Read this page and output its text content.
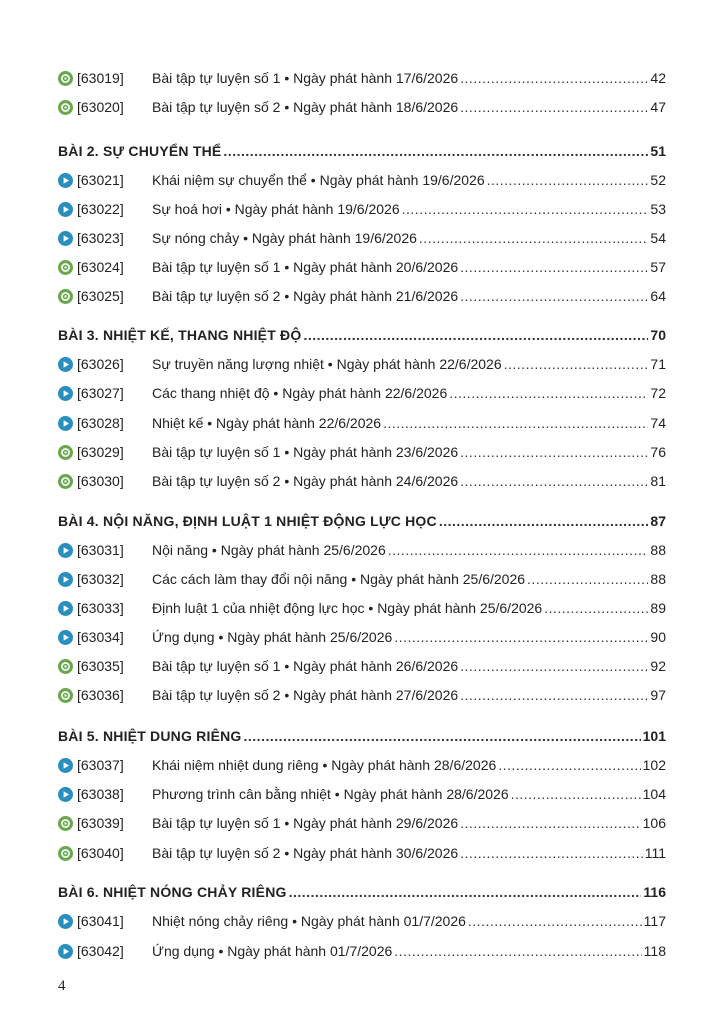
[63019]	Bài tập tự luyện số 1 • Ngày phát hành 17/6/2026 .....	42
[63020]	Bài tập tự luyện số 2 • Ngày phát hành 18/6/2026 .....	47
BÀI 2. SỰ CHUYỂN THỂ .....	51
[63021]	Khái niệm sự chuyển thể • Ngày phát hành 19/6/2026 .....	52
[63022]	Sự hoá hơi • Ngày phát hành 19/6/2026 .....	53
[63023]	Sự nóng chảy • Ngày phát hành 19/6/2026 .....	54
[63024]	Bài tập tự luyện số 1 • Ngày phát hành 20/6/2026 .....	57
[63025]	Bài tập tự luyện số 2 • Ngày phát hành 21/6/2026 .....	64
BÀI 3. NHIỆT KẾ, THANG NHIỆT ĐỘ .....	70
[63026]	Sự truyền năng lượng nhiệt • Ngày phát hành 22/6/2026 .....	71
[63027]	Các thang nhiệt độ • Ngày phát hành 22/6/2026 .....	72
[63028]	Nhiệt kế • Ngày phát hành 22/6/2026 .....	74
[63029]	Bài tập tự luyện số 1 • Ngày phát hành 23/6/2026 .....	76
[63030]	Bài tập tự luyện số 2 • Ngày phát hành 24/6/2026 .....	81
BÀI 4. NỘI NĂNG, ĐỊNH LUẬT 1 NHIỆT ĐỘNG LỰC HỌC .....	87
[63031]	Nội năng • Ngày phát hành 25/6/2026 .....	88
[63032]	Các cách làm thay đổi nội năng • Ngày phát hành 25/6/2026 .....	88
[63033]	Định luật 1 của nhiệt động lực học • Ngày phát hành 25/6/2026 .....	89
[63034]	Ứng dụng • Ngày phát hành 25/6/2026 .....	90
[63035]	Bài tập tự luyện số 1 • Ngày phát hành 26/6/2026 .....	92
[63036]	Bài tập tự luyện số 2 • Ngày phát hành 27/6/2026 .....	97
BÀI 5. NHIỆT DUNG RIÊNG .....	101
[63037]	Khái niệm nhiệt dung riêng • Ngày phát hành 28/6/2026 .....	102
[63038]	Phương trình cân bằng nhiệt • Ngày phát hành 28/6/2026 .....	104
[63039]	Bài tập tự luyện số 1 • Ngày phát hành 29/6/2026 .....	106
[63040]	Bài tập tự luyện số 2 • Ngày phát hành 30/6/2026 .....	111
BÀI 6. NHIỆT NÓNG CHẢY RIÊNG .....	116
[63041]	Nhiệt nóng chảy riêng • Ngày phát hành 01/7/2026 .....	117
[63042]	Ứng dụng • Ngày phát hành 01/7/2026 .....	118
4
